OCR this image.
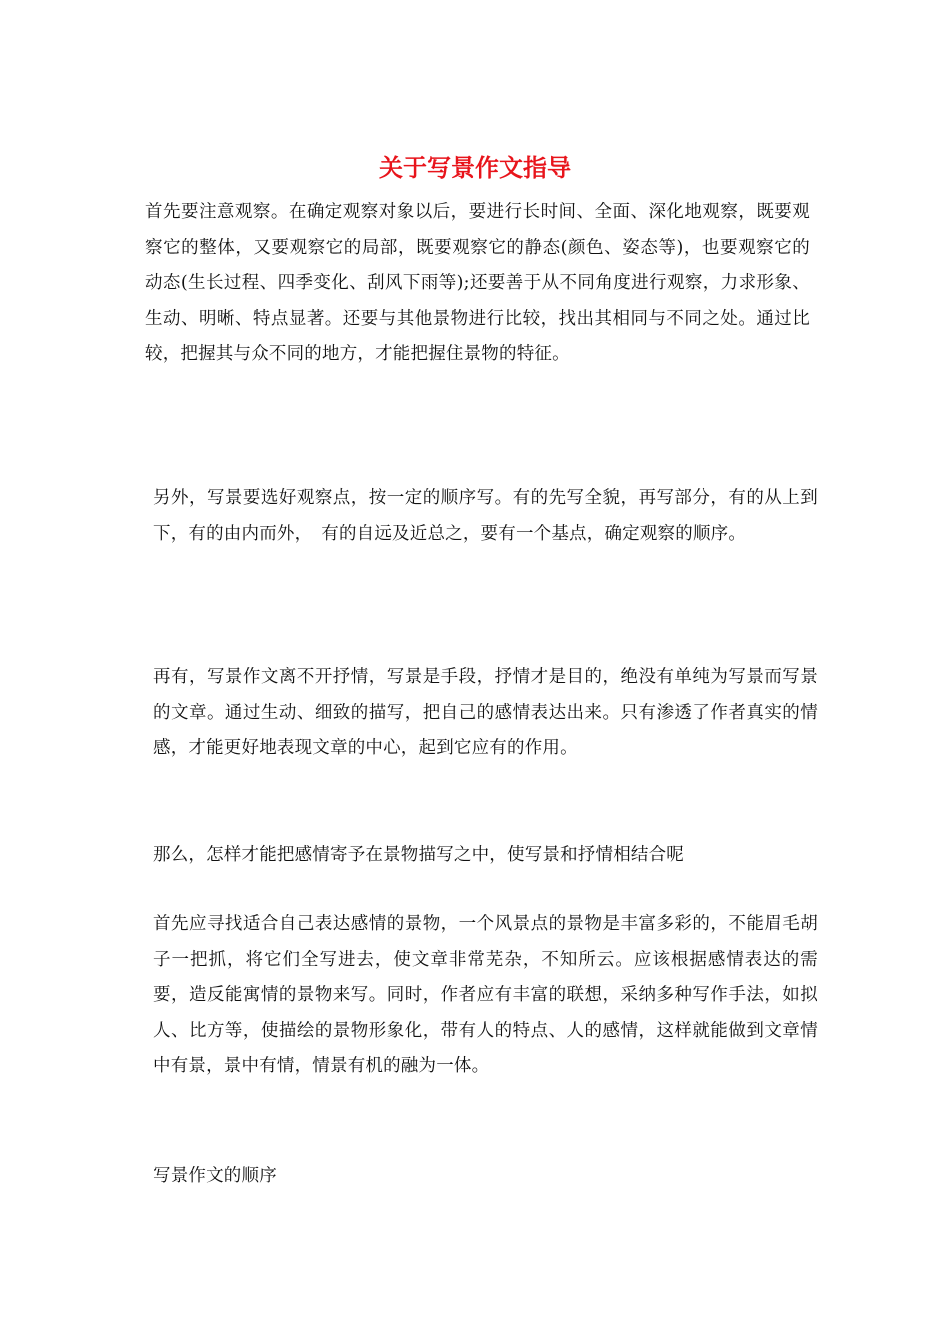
关于写景作文指导

首先要注意观察。在确定观察对象以后，要进行长时间、全面、深化地观察，既要观察它的整体，又要观察它的局部，既要观察它的静态(颜色、姿态等)，也要观察它的动态(生长过程、四季变化、刮风下雨等);还要善于从不同角度进行观察，力求形象、生动、明晰、特点显著。还要与其他景物进行比较，找出其相同与不同之处。通过比较，把握其与众不同的地方，才能把握住景物的特征。

另外，写景要选好观察点，按一定的顺序写。有的先写全貌，再写部分，有的从上到下，有的由内而外，　有的自远及近总之，要有一个基点，确定观察的顺序。

再有，写景作文离不开抒情，写景是手段，抒情才是目的，绝没有单纯为写景而写景的文章。通过生动、细致的描写，把自己的感情表达出来。只有渗透了作者真实的情感，才能更好地表现文章的中心，起到它应有的作用。

那么，怎样才能把感情寄予在景物描写之中，使写景和抒情相结合呢

首先应寻找适合自己表达感情的景物，一个风景点的景物是丰富多彩的，不能眉毛胡子一把抓，将它们全写进去，使文章非常芜杂，不知所云。应该根据感情表达的需要，造反能寓情的景物来写。同时，作者应有丰富的联想，采纳多种写作手法，如拟人、比方等，使描绘的景物形象化，带有人的特点、人的感情，这样就能做到文章情中有景，景中有情，情景有机的融为一体。

写景作文的顺序
